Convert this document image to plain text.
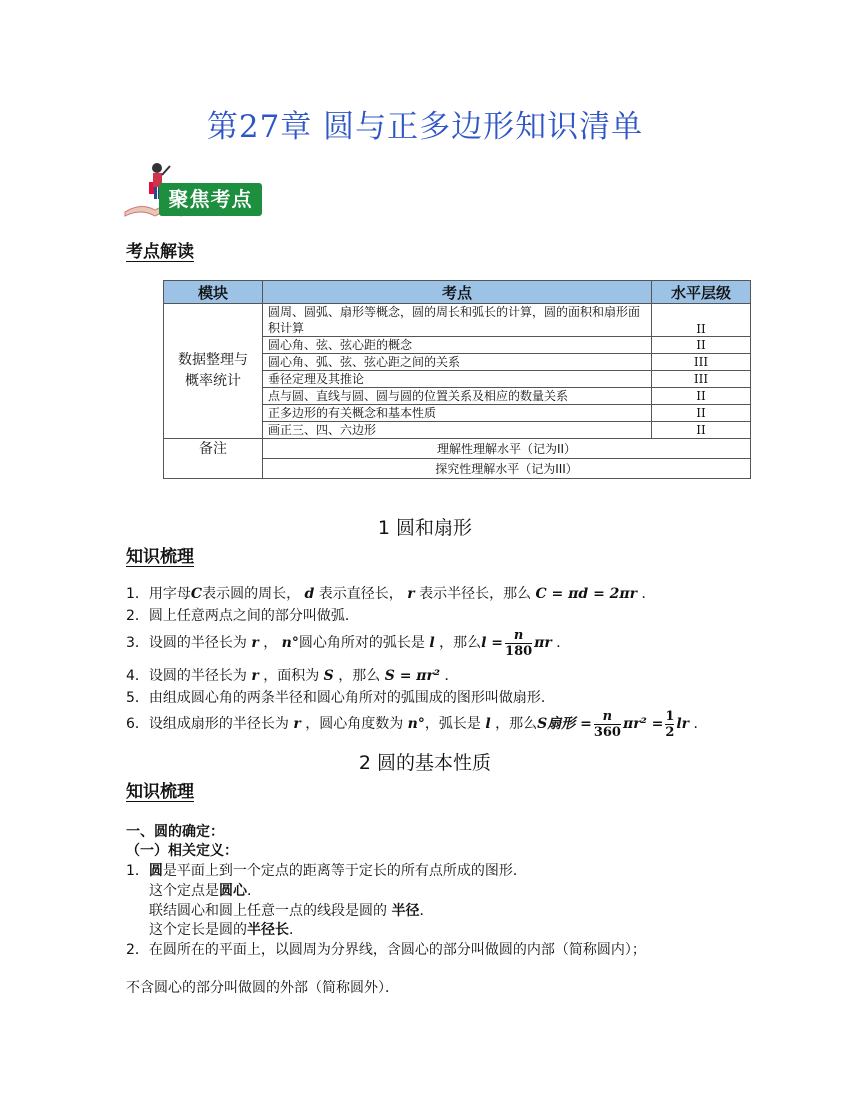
第27章 圆与正多边形知识清单
聚焦考点
考点解读
模块	考点	水平层级

数据整理与概率统计	圆周、圆弧、扇形等概念，圆的周长和弧长的计算，圆的面积和扇形面积计算	II
	圆心角、弦、弦心距的概念	II
	圆心角、弧、弦、弦心距之间的关系	III
	垂径定理及其推论	III
	点与圆、直线与圆、圆与圆的位置关系及相应的数量关系	II
	正多边形的有关概念和基本性质	II
	画正三、四、六边形	II
备注	理解性理解水平（记为II）	
	探究性理解水平（记为III）	
1 圆和扇形
知识梳理
1．用字母C表示圆的周长， d 表示直径长， r 表示半径长，那么 C = πd = 2πr ．
2．圆上任意两点之间的部分叫做弧．
3．设圆的半径长为 r ， n°圆心角所对的弧长是 l ，那么$l = \frac{n}{180}$ πr ．
4．设圆的半径长为 r ，面积为 S ，那么 S = πr² ．
5．由组成圆心角的两条半径和圆心角所对的弧围成的图形叫做扇形．
6．设组成扇形的半径长为 r ，圆心角度数为 n°，弧长是 l ，那么S扇形 = $\frac{n}{360} \pi r^2 = \frac{1}{2}$ lr ．
2 圆的基本性质
知识梳理
一、圆的确定：
（一）相关定义：
1．圆是平面上到一个定点的距离等于定长的所有点所成的图形．
这个定点是圆心．
联结圆心和圆上任意一点的线段是圆的 半径．
这个定长是圆的半径长．
2．在圆所在的平面上，以圆周为分界线，含圆心的部分叫做圆的内部（简称圆内）；
不含圆心的部分叫做圆的外部（简称圆外）．
